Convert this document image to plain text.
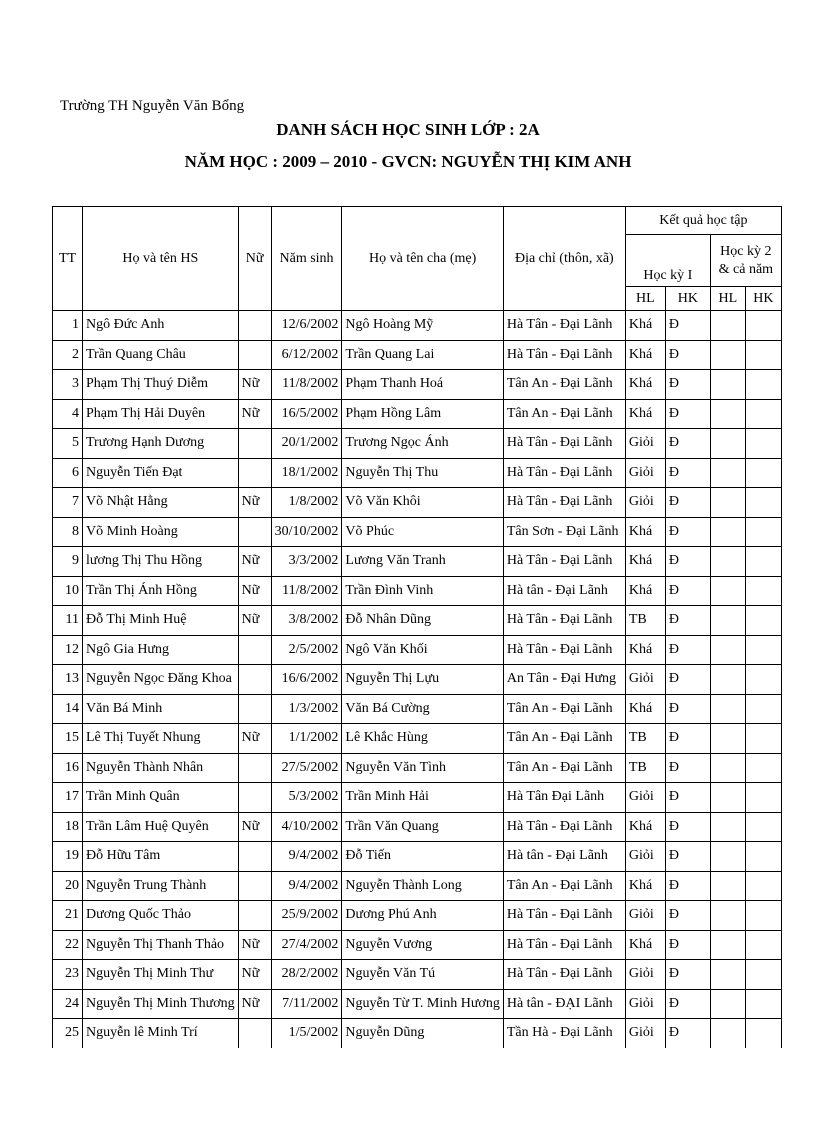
Trường TH Nguyễn Văn Bổng
DANH SÁCH HỌC SINH LỚP : 2A
NĂM HỌC : 2009 – 2010 - GVCN: NGUYỄN THỊ KIM ANH
TT	Họ và tên HS	Nữ	Năm sinh	Họ và tên cha (mẹ)	Địa chỉ (thôn, xã)	Kết quả học tập			
						Học kỳ I		Học kỳ 2 & cả năm	
						HL	HK	HL	HK
1	Ngô Đức Anh		12/6/2002	Ngô Hoàng Mỹ	Hà Tân - Đại Lãnh	Khá	Đ		
2	Trần Quang Châu		6/12/2002	Trần Quang Lai	Hà Tân - Đại Lãnh	Khá	Đ		
3	Phạm Thị Thuý Diễm	Nữ	11/8/2002	Phạm Thanh Hoá	Tân An - Đại Lãnh	Khá	Đ		
4	Phạm Thị Hải Duyên	Nữ	16/5/2002	Phạm Hồng Lâm	Tân An - Đại Lãnh	Khá	Đ		
5	Trương Hạnh Dương		20/1/2002	Trương Ngọc Ánh	Hà Tân - Đại Lãnh	Giỏi	Đ		
6	Nguyễn Tiến Đạt		18/1/2002	Nguyễn Thị Thu	Hà Tân - Đại Lãnh	Giỏi	Đ		
7	Võ Nhật Hằng	Nữ	1/8/2002	Võ Văn Khôi	Hà Tân - Đại Lãnh	Giỏi	Đ		
8	Võ Minh Hoàng		30/10/2002	Võ Phúc	Tân Sơn - Đại Lãnh	Khá	Đ		
9	lương Thị Thu Hồng	Nữ	3/3/2002	Lương Văn Tranh	Hà Tân - Đại Lãnh	Khá	Đ		
10	Trần Thị Ánh Hồng	Nữ	11/8/2002	Trần Đình Vinh	Hà tân - Đại Lãnh	Khá	Đ		
11	Đỗ Thị Minh Huệ	Nữ	3/8/2002	Đỗ Nhân Dũng	Hà Tân - Đại Lãnh	TB	Đ		
12	Ngô Gia Hưng		2/5/2002	Ngô Văn Khối	Hà Tân - Đại Lãnh	Khá	Đ		
13	Nguyễn Ngọc Đăng Khoa		16/6/2002	Nguyễn Thị Lựu	An Tân - Đại Hưng	Giỏi	Đ		
14	Văn Bá Minh		1/3/2002	Văn Bá Cường	Tân An - Đại Lãnh	Khá	Đ		
15	Lê Thị Tuyết Nhung	Nữ	1/1/2002	Lê Khắc Hùng	Tân An - Đại Lãnh	TB	Đ		
16	Nguyễn Thành Nhân		27/5/2002	Nguyễn Văn Tình	Tân An - Đại Lãnh	TB	Đ		
17	Trần Minh Quân		5/3/2002	Trần Minh Hải	Hà Tân Đại Lãnh	Giỏi	Đ		
18	Trần Lâm Huệ Quyên	Nữ	4/10/2002	Trần Văn Quang	Hà Tân - Đại Lãnh	Khá	Đ		
19	Đỗ Hữu Tâm		9/4/2002	Đỗ Tiến	Hà tân - Đại Lãnh	Giỏi	Đ		
20	Nguyễn Trung Thành		9/4/2002	Nguyễn Thành Long	Tân An - Đại Lãnh	Khá	Đ		
21	Dương Quốc Thảo		25/9/2002	Dương Phú Anh	Hà Tân - Đại Lãnh	Giỏi	Đ		
22	Nguyễn Thị Thanh Thảo	Nữ	27/4/2002	Nguyễn Vương	Hà Tân - Đại Lãnh	Khá	Đ		
23	Nguyễn Thị Minh Thư	Nữ	28/2/2002	Nguyễn Văn Tú	Hà Tân - Đại Lãnh	Giỏi	Đ		
24	Nguyễn Thị Minh Thương	Nữ	7/11/2002	Nguyễn Từ T. Minh Hương	Hà tân - ĐẠI Lãnh	Giỏi	Đ		
25	Nguyễn lê Minh Trí		1/5/2002	Nguyễn Dũng	Tần Hà - Đại Lãnh	Giỏi	Đ		
